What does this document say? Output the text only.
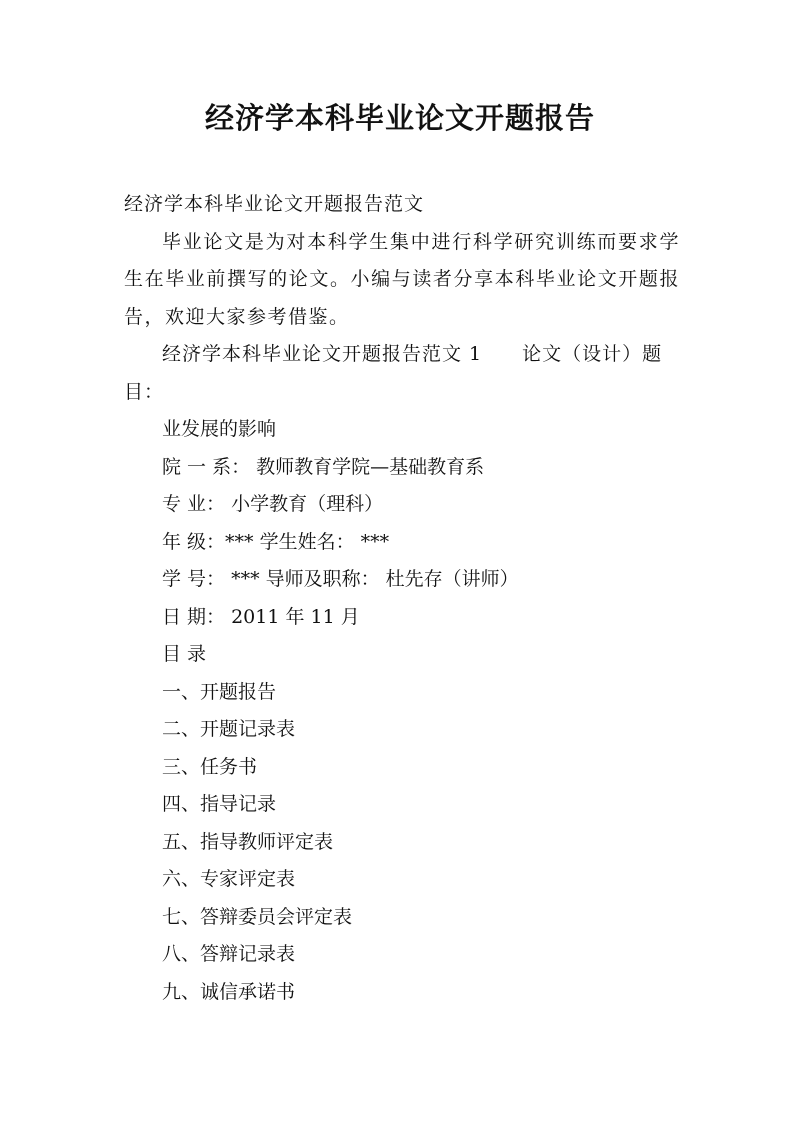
经济学本科毕业论文开题报告

经济学本科毕业论文开题报告范文

毕业论文是为对本科学生集中进行科学研究训练而要求学生在毕业前撰写的论文。小编与读者分享本科毕业论文开题报告，欢迎大家参考借鉴。

经济学本科毕业论文开题报告范文 1 论文（设计）题目：

业发展的影响

院 一 系： 教师教育学院—基础教育系

专 业： 小学教育（理科）

年 级：*** 学生姓名： ***

学 号： *** 导师及职称： 杜先存（讲师）

日 期： 2011 年 11 月

目 录

一、开题报告

二、开题记录表

三、任务书

四、指导记录

五、指导教师评定表

六、专家评定表

七、答辩委员会评定表

八、答辩记录表

九、诚信承诺书
